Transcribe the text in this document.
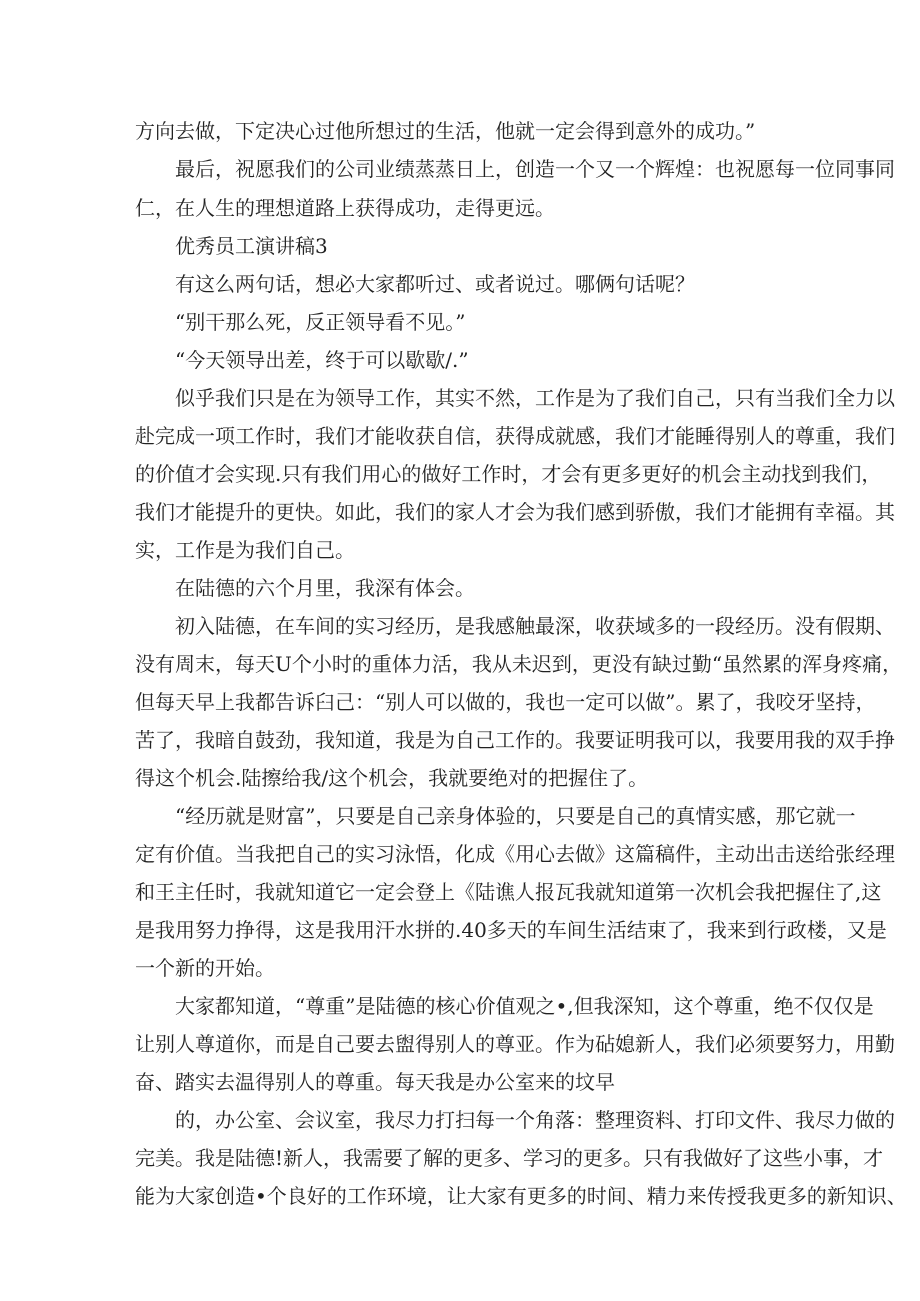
方向去做，下定决心过他所想过的生活，他就一定会得到意外的成功。”
最后，祝愿我们的公司业绩蒸蒸日上，创造一个又一个辉煌：也祝愿每一位同事同
仁，在人生的理想道路上获得成功，走得更远。
优秀员工演讲稿3
有这么两句话，想必大家都听过、或者说过。哪俩句话呢？
“别干那么死，反正领导看不见。”
“今天领导出差，终于可以歇歇/.”
似乎我们只是在为领导工作，其实不然，工作是为了我们自己，只有当我们全力以
赴完成一项工作时，我们才能收获自信，获得成就感，我们才能睡得别人的尊重，我们
的价值才会实现.只有我们用心的做好工作时，才会有更多更好的机会主动找到我们，
我们才能提升的更快。如此，我们的家人才会为我们感到骄傲，我们才能拥有幸福。其
实，工作是为我们自己。
在陆德的六个月里，我深有体会。
初入陆德，在车间的实习经历，是我感触最深，收获域多的一段经历。没有假期、
没有周末，每天U个小时的重体力活，我从未迟到，更没有缺过勤“虽然累的浑身疼痛，
但每天早上我都告诉臼己：“别人可以做的，我也一定可以做”。累了，我咬牙坚持，
苦了，我暗自鼓劲，我知道，我是为自己工作的。我要证明我可以，我要用我的双手挣
得这个机会.陆擦给我/这个机会，我就要绝对的把握住了。
“经历就是财富”，只要是自己亲身体验的，只要是自己的真情实感，那它就一
定有价值。当我把自己的实习泳悟，化成《用心去做》这篇稿件，主动出击送给张经理
和王主任时，我就知道它一定会登上《陆谯人报瓦我就知道第一次机会我把握住了,这
是我用努力挣得，这是我用汗水拼的.40多天的车间生活结束了，我来到行政楼，又是
一个新的开始。
大家都知道，“尊重”是陆德的核心价值观之•,但我深知，这个尊重，绝不仅仅是
让别人尊道你，而是自己要去盥得别人的尊亚。作为砧媳新人，我们必须要努力，用勤
奋、踏实去温得别人的尊重。每天我是办公室来的坟早
的，办公室、会议室，我尽力打扫每一个角落：整理资料、打印文件、我尽力做的
完美。我是陆德!新人，我需要了解的更多、学习的更多。只有我做好了这些小事，才
能为大家创造•个良好的工作环境，让大家有更多的时间、精力来传授我更多的新知识、
